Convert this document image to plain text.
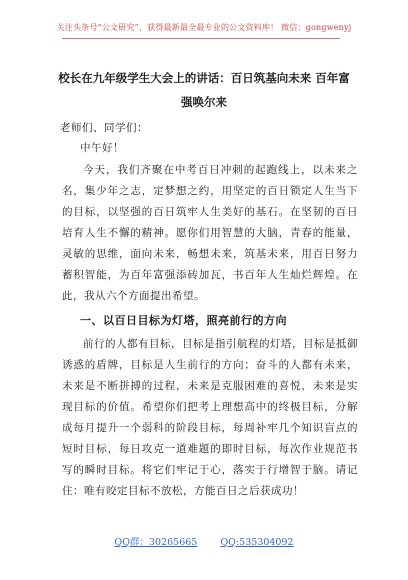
关注头条号“公文研究”，获得最新最全最专业的公文资料库！ 微信：gongwenyj
校长在九年级学生大会上的讲话：百日筑基向未来 百年富
强唤尔来
老师们、同学们：
中午好！
今天，我们齐聚在中考百日冲刺的起跑线上，以未来之名，集少年之志，定梦想之约，用坚定的百日锁定人生当下的目标，以坚强的百日筑牢人生美好的基石。在坚韧的百日培育人生不懈的精神。愿你们用智慧的大脑，青春的能量，灵敏的思维，面向未来，畅想未来，筑基未来，用百日努力蓄积智能，为百年富强添砖加瓦，书百年人生灿烂辉煌。在此，我从六个方面提出希望。
一、以百日目标为灯塔，照亮前行的方向
前行的人都有目标，目标是指引航程的灯塔，目标是抵御诱惑的盾牌，目标是人生前行的方向；奋斗的人都有未来，未来是不断拼搏的过程，未来是克服困难的喜悦，未来是实现目标的价值。希望你们把考上理想高中的终极目标，分解成每月提升一个弱科的阶段目标，每周补牢几个知识盲点的短时目标，每日攻克一道难题的即时目标，每次作业规范书写的瞬时目标。将它们牢记于心，落实于行增智于脑。请记住：唯有咬定目标不放松，方能百日之后获成功！
QQ群：30265665 QQ:535304092
